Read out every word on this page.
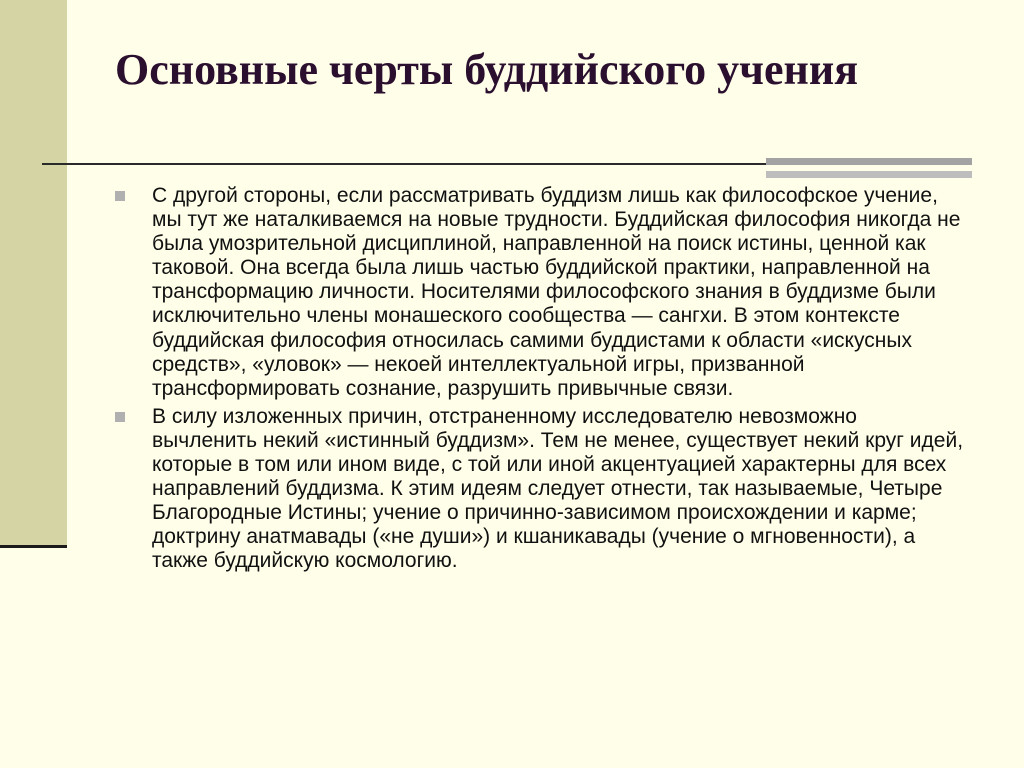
Основные черты буддийского учения
С другой стороны, если рассматривать буддизм лишь как философское учение, мы тут же наталкиваемся на новые трудности. Буддийская философия никогда не была умозрительной дисциплиной, направленной на поиск истины, ценной как таковой. Она всегда была лишь частью буддийской практики, направленной на трансформацию личности. Носителями философского знания в буддизме были исключительно члены монашеского сообщества — сангхи. В этом контексте буддийская философия относилась самими буддистами к области «искусных средств», «уловок» — некоей интеллектуальной игры, призванной трансформировать сознание, разрушить привычные связи.
В силу изложенных причин, отстраненному исследователю невозможно вычленить некий «истинный буддизм». Тем не менее, существует некий круг идей, которые в том или ином виде, с той или иной акцентуацией характерны для всех направлений буддизма. К этим идеям следует отнести, так называемые, Четыре Благородные Истины; учение о причинно-зависимом происхождении и карме; доктрину анатмавады («не души») и кшаникавады (учение о мгновенности), а также буддийскую космологию.
